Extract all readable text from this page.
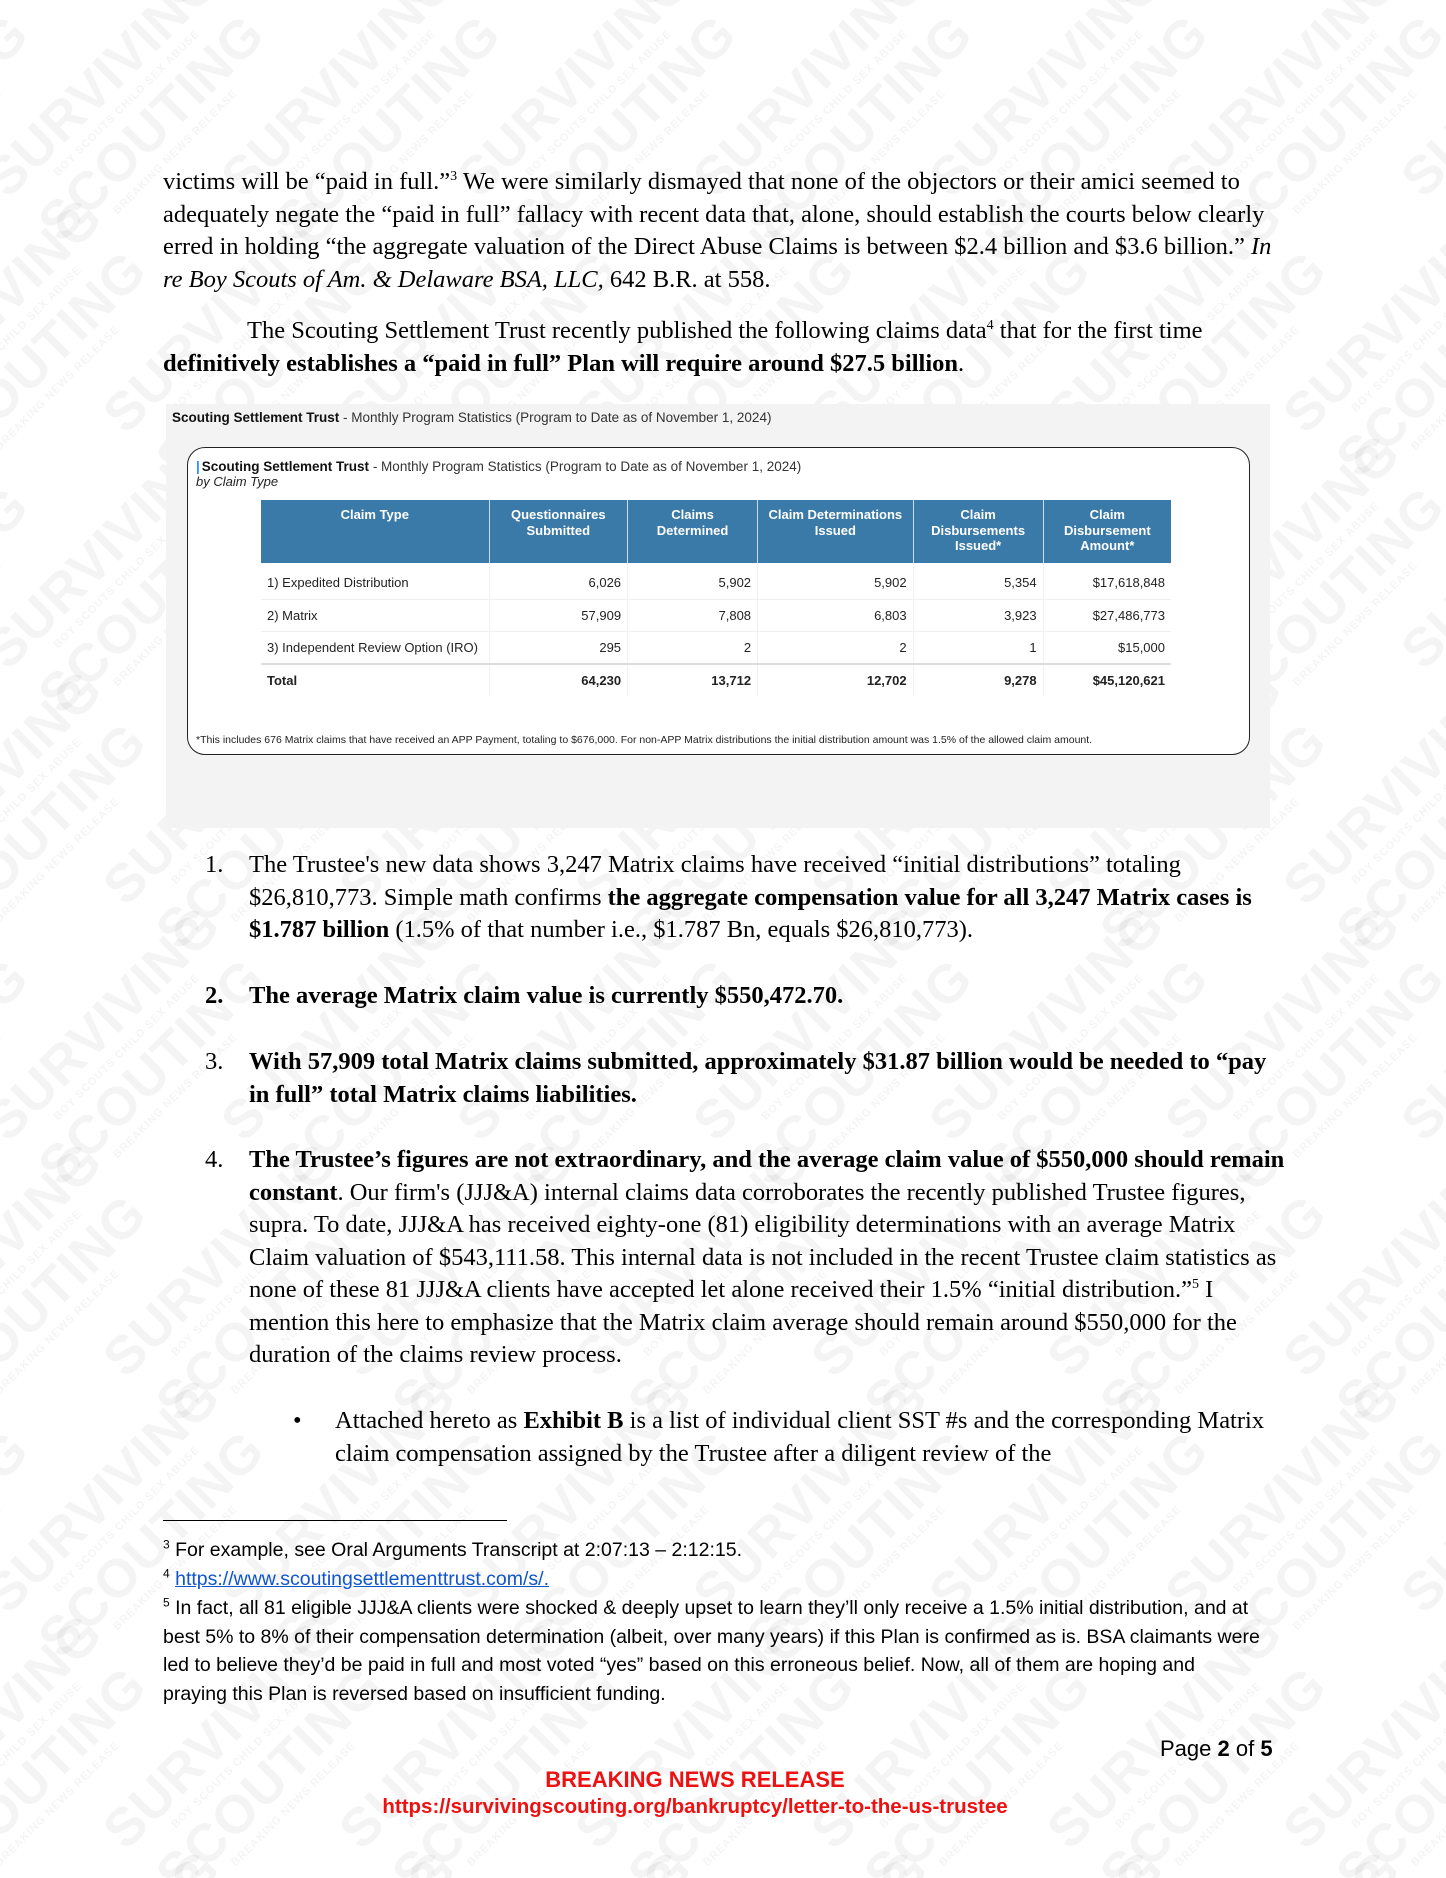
victims will be “paid in full.”$^3$ We were similarly dismayed that none of the objectors or their amici seemed to adequately negate the “paid in full” fallacy with recent data that, alone, should establish the courts below clearly erred in holding “the aggregate valuation of the Direct Abuse Claims is between $2.4 billion and $3.6 billion.” In re Boy Scouts of Am. & Delaware BSA, LLC, 642 B.R. at 558.
The Scouting Settlement Trust recently published the following claims data$^4$ that for the first time definitively establishes a “paid in full” Plan will require around $27.5 billion.
Scouting Settlement Trust - Monthly Program Statistics (Program to Date as of November 1, 2024)
| Scouting Settlement Trust - Monthly Program Statistics (Program to Date as of November 1, 2024)
by Claim Type
Claim Type	Questionnaires Submitted	Claims Determined	Claim Determinations Issued	Claim Disbursements Issued*	Claim Disbursement Amount*
1) Expedited Distribution	6,026	5,902	5,902	5,354	$17,618,848
2) Matrix	57,909	7,808	6,803	3,923	$27,486,773
3) Independent Review Option (IRO)	295	2	2	1	$15,000
Total	64,230	13,712	12,702	9,278	$45,120,621
*This includes 676 Matrix claims that have received an APP Payment, totaling to $676,000. For non-APP Matrix distributions the initial distribution amount was 1.5% of the allowed claim amount.
1. The Trustee's new data shows 3,247 Matrix claims have received “initial distributions” totaling $26,810,773. Simple math confirms the aggregate compensation value for all 3,247 Matrix cases is $1.787 billion (1.5% of that number i.e., $1.787 Bn, equals $26,810,773).
2. The average Matrix claim value is currently $550,472.70.
3. With 57,909 total Matrix claims submitted, approximately $31.87 billion would be needed to “pay in full” total Matrix claims liabilities.
4. The Trustee’s figures are not extraordinary, and the average claim value of $550,000 should remain constant. Our firm's (JJJ&A) internal claims data corroborates the recently published Trustee figures, supra. To date, JJJ&A has received eighty-one (81) eligibility determinations with an average Matrix Claim valuation of $543,111.58. This internal data is not included in the recent Trustee claim statistics as none of these 81 JJJ&A clients have accepted let alone received their 1.5% “initial distribution.”$^5$ I mention this here to emphasize that the Matrix claim average should remain around $550,000 for the duration of the claims review process.
• Attached hereto as Exhibit B is a list of individual client SST #s and the corresponding Matrix claim compensation assigned by the Trustee after a diligent review of the
$^3$ For example, see Oral Arguments Transcript at 2:07:13 – 2:12:15.
$^4$ https://www.scoutingsettlementtrust.com/s/.
$^5$ In fact, all 81 eligible JJJ&A clients were shocked & deeply upset to learn they’ll only receive a 1.5% initial distribution, and at best 5% to 8% of their compensation determination (albeit, over many years) if this Plan is confirmed as is. BSA claimants were led to believe they’d be paid in full and most voted “yes” based on this erroneous belief. Now, all of them are hoping and praying this Plan is reversed based on insufficient funding.
Page 2 of 5
BREAKING NEWS RELEASE
https://survivingscouting.org/bankruptcy/letter-to-the-us-trustee
